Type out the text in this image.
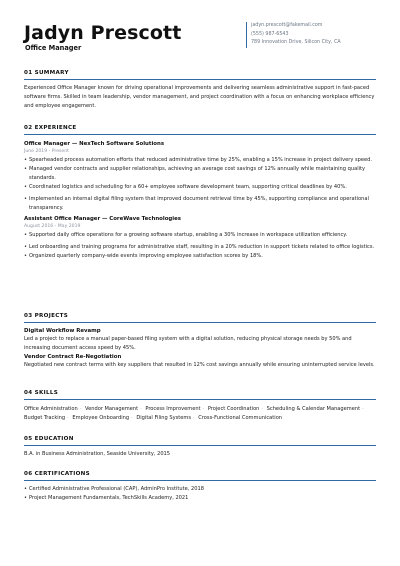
Jadyn Prescott
Office Manager
jadyn.prescott@fakemail.com
(555) 987-6543
789 Innovation Drive, Silicon City, CA
01 SUMMARY
Experienced Office Manager known for driving operational improvements and delivering seamless administrative support in fast-paced software firms. Skilled in team leadership, vendor management, and project coordination with a focus on enhancing workplace efficiency and employee engagement.
02 EXPERIENCE
Office Manager — NexTech Software Solutions
June 2019 - Present
• Spearheaded process automation efforts that reduced administrative time by 25%, enabling a 15% increase in project delivery speed.
• Managed vendor contracts and supplier relationships, achieving an average cost savings of 12% annually while maintaining quality standards.
• Coordinated logistics and scheduling for a 60+ employee software development team, supporting critical deadlines by 40%.
• Implemented an internal digital filing system that improved document retrieval time by 45%, supporting compliance and operational transparency.
Assistant Office Manager — CoreWave Technologies
August 2016 - May 2019
• Supported daily office operations for a growing software startup, enabling a 30% increase in workspace utilization efficiency.
• Led onboarding and training programs for administrative staff, resulting in a 20% reduction in support tickets related to office logistics.
• Organized quarterly company-wide events improving employee satisfaction scores by 18%.
03 PROJECTS
Digital Workflow Revamp
Led a project to replace a manual paper-based filing system with a digital solution, reducing physical storage needs by 50% and increasing document access speed by 45%.
Vendor Contract Re-Negotiation
Negotiated new contract terms with key suppliers that resulted in 12% cost savings annually while ensuring uninterrupted service levels.
04 SKILLS
Office Administration · Vendor Management · Process Improvement · Project Coordination · Scheduling & Calendar Management · Budget Tracking · Employee Onboarding · Digital Filing Systems · Cross-Functional Communication
05 EDUCATION
B.A. in Business Administration, Seaside University, 2015
06 CERTIFICATIONS
• Certified Administrative Professional (CAP), AdminPro Institute, 2018
• Project Management Fundamentals, TechSkills Academy, 2021
